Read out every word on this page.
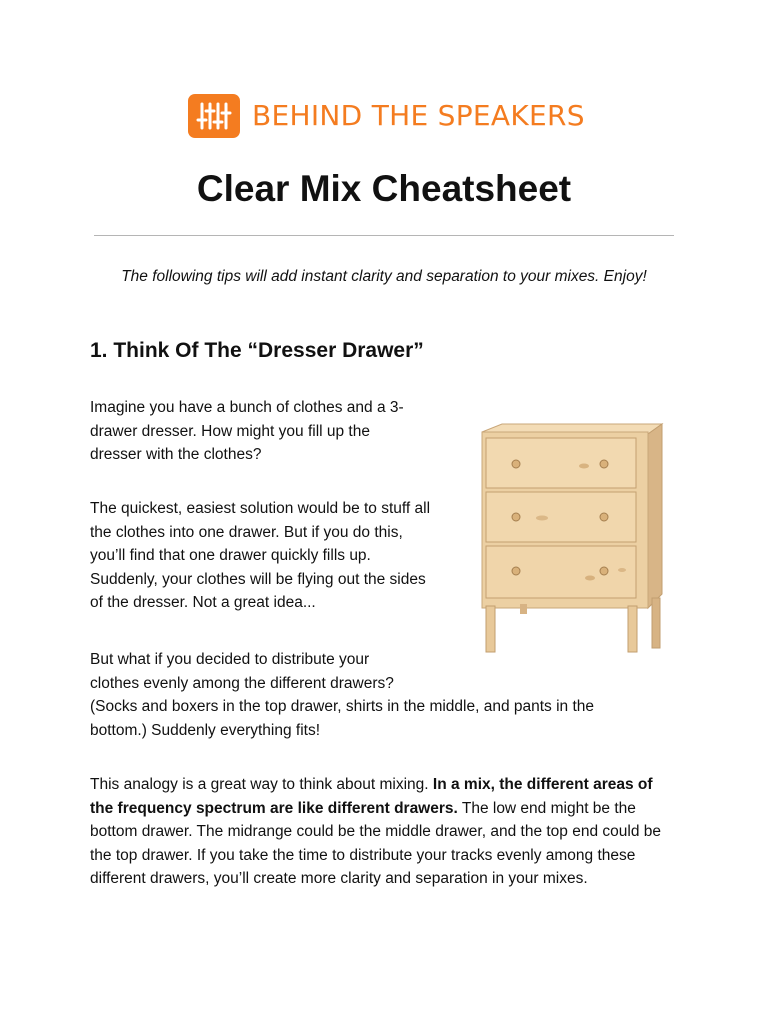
BEHIND THE SPEAKERS
Clear Mix Cheatsheet

The following tips will add instant clarity and separation to your mixes. Enjoy!

1. Think Of The “Dresser Drawer”

Imagine you have a bunch of clothes and a 3-drawer dresser. How might you fill up the dresser with the clothes?

The quickest, easiest solution would be to stuff all the clothes into one drawer. But if you do this, you’ll find that one drawer quickly fills up. Suddenly, your clothes will be flying out the sides of the dresser. Not a great idea...

But what if you decided to distribute your
clothes evenly among the different drawers?
(Socks and boxers in the top drawer, shirts in the middle, and pants in the
bottom.) Suddenly everything fits!

This analogy is a great way to think about mixing. In a mix, the different areas of the frequency spectrum are like different drawers. The low end might be the bottom drawer. The midrange could be the middle drawer, and the top end could be the top drawer. If you take the time to distribute your tracks evenly among these different drawers, you’ll create more clarity and separation in your mixes.
